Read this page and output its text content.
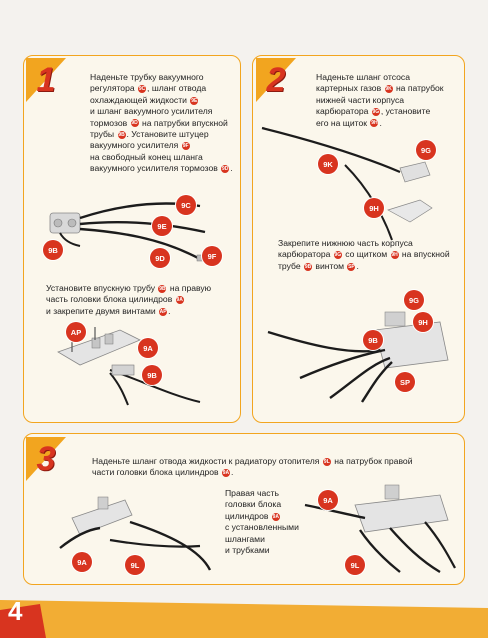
1	2
3
Наденьте трубку вакуумного
регулятора 9C , шланг отвода
охлаждающей жидкости 9E
и шланг вакуумного усилителя
тормозов 9D на патрубки впускной
трубы 9B . Установите штуцер
вакуумного усилителя 9F
на свободный конец шланга
вакуумного усилителя тормозов 9D .
Установите впускную трубу 9B на правую
часть головки блока цилиндров 9A
и закрепите двумя винтами AP .
9C
9E
9B
9D	9F
AP
9A
9B
Наденьте шланг отсоса
картерных газов 9K на патрубок
нижней части корпуса
карбюратора 9G , установите
его на щиток 9H .
Закрепите нижнюю часть корпуса
карбюратора 9G со щитком 9H на впускной
трубе 9B винтом SP .
9G
9K
9H
9G
9H
9B
SP
Наденьте шланг отвода жидкости к радиатору отопителя 9L на патрубок правой
части головки блока цилиндров 9A .
Правая часть
головки блока
цилиндров 9A
с установленными
шлангами
и трубками
9A	9L
9A
9L
4
